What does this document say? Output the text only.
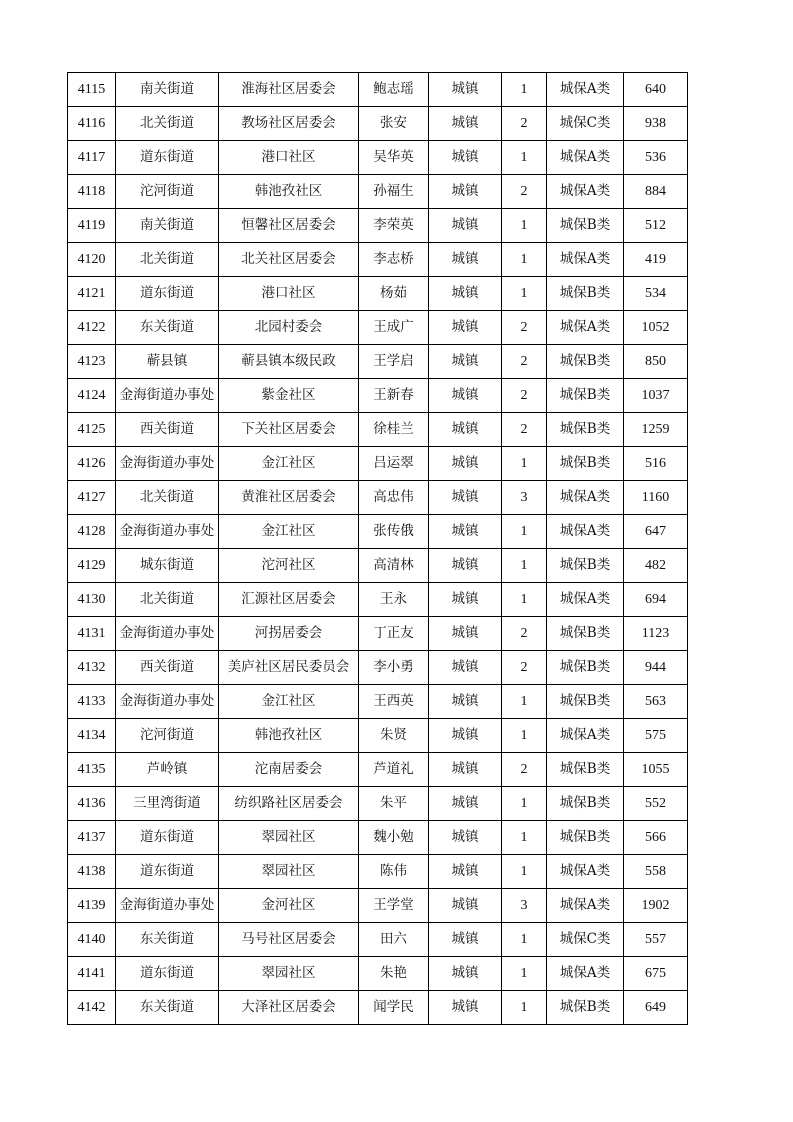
4115	南关街道	淮海社区居委会	鲍志瑶	城镇	1	城保A类	640
4116	北关街道	教场社区居委会	张安	城镇	2	城保C类	938
4117	道东街道	港口社区	吴华英	城镇	1	城保A类	536
4118	沱河街道	韩池孜社区	孙福生	城镇	2	城保A类	884
4119	南关街道	恒馨社区居委会	李荣英	城镇	1	城保B类	512
4120	北关街道	北关社区居委会	李志桥	城镇	1	城保A类	419
4121	道东街道	港口社区	杨茹	城镇	1	城保B类	534
4122	东关街道	北园村委会	王成广	城镇	2	城保A类	1052
4123	蕲县镇	蕲县镇本级民政	王学启	城镇	2	城保B类	850
4124	金海街道办事处	紫金社区	王新春	城镇	2	城保B类	1037
4125	西关街道	下关社区居委会	徐桂兰	城镇	2	城保B类	1259
4126	金海街道办事处	金江社区	吕运翠	城镇	1	城保B类	516
4127	北关街道	黄淮社区居委会	高忠伟	城镇	3	城保A类	1160
4128	金海街道办事处	金江社区	张传俄	城镇	1	城保A类	647
4129	城东街道	沱河社区	高清林	城镇	1	城保B类	482
4130	北关街道	汇源社区居委会	王永	城镇	1	城保A类	694
4131	金海街道办事处	河拐居委会	丁正友	城镇	2	城保B类	1123
4132	西关街道	美庐社区居民委员会	李小勇	城镇	2	城保B类	944
4133	金海街道办事处	金江社区	王西英	城镇	1	城保B类	563
4134	沱河街道	韩池孜社区	朱贤	城镇	1	城保A类	575
4135	芦岭镇	沱南居委会	芦道礼	城镇	2	城保B类	1055
4136	三里湾街道	纺织路社区居委会	朱平	城镇	1	城保B类	552
4137	道东街道	翠园社区	魏小勉	城镇	1	城保B类	566
4138	道东街道	翠园社区	陈伟	城镇	1	城保A类	558
4139	金海街道办事处	金河社区	王学堂	城镇	3	城保A类	1902
4140	东关街道	马号社区居委会	田六	城镇	1	城保C类	557
4141	道东街道	翠园社区	朱艳	城镇	1	城保A类	675
4142	东关街道	大泽社区居委会	闻学民	城镇	1	城保B类	649
